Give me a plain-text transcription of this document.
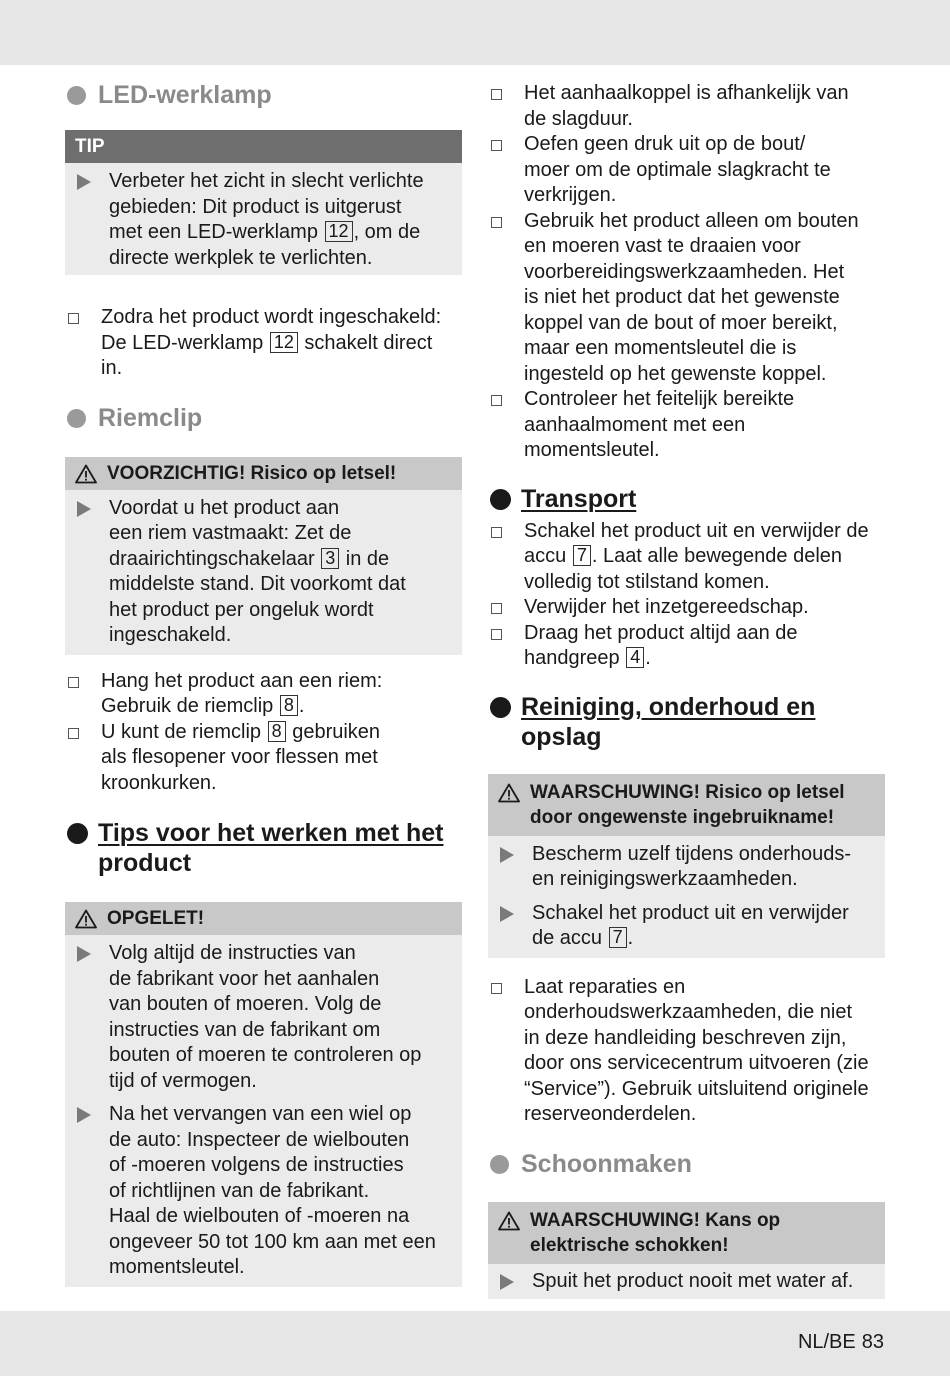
LED-werklamp
TIP
Verbeter het zicht in slecht verlichte
gebieden: Dit product is uitgerust
met een LED-werklamp 12 , om de
directe werkplek te verlichten.
Zodra het product wordt ingeschakeld:
De LED-werklamp 12 schakelt direct
in.
Riemclip
VOORZICHTIG! Risico op letsel!
Voordat u het product aan
een riem vastmaakt: Zet de
draairichtingschakelaar 3 in de
middelste stand. Dit voorkomt dat
het product per ongeluk wordt
ingeschakeld.
Hang het product aan een riem:
Gebruik de riemclip 8 .
U kunt de riemclip 8 gebruiken
als flesopener voor flessen met
kroonkurken.
Tips voor het werken met het
product
OPGELET!
Volg altijd de instructies van
de fabrikant voor het aanhalen
van bouten of moeren. Volg de
instructies van de fabrikant om
bouten of moeren te controleren op
tijd of vermogen.
Na het vervangen van een wiel op
de auto: Inspecteer de wielbouten
of -moeren volgens de instructies
of richtlijnen van de fabrikant.
Haal de wielbouten of -moeren na
ongeveer 50 tot 100 km aan met een
momentsleutel.
Het aanhaalkoppel is afhankelijk van
de slagduur.
Oefen geen druk uit op de bout/
moer om de optimale slagkracht te
verkrijgen.
Gebruik het product alleen om bouten
en moeren vast te draaien voor
voorbereidingswerkzaamheden. Het
is niet het product dat het gewenste
koppel van de bout of moer bereikt,
maar een momentsleutel die is
ingesteld op het gewenste koppel.
Controleer het feitelijk bereikte
aanhaalmoment met een
momentsleutel.
Transport
Schakel het product uit en verwijder de
accu 7 . Laat alle bewegende delen
volledig tot stilstand komen.
Verwijder het inzetgereedschap.
Draag het product altijd aan de
handgreep 4 .
Reiniging, onderhoud en
opslag
WAARSCHUWING! Risico op letsel
door ongewenste ingebruikname!
Bescherm uzelf tijdens onderhouds-
en reinigingswerkzaamheden.
Schakel het product uit en verwijder
de accu 7 .
Laat reparaties en
onderhoudswerkzaamheden, die niet
in deze handleiding beschreven zijn,
door ons servicecentrum uitvoeren (zie
“Service”). Gebruik uitsluitend originele
reserveonderdelen.
Schoonmaken
WAARSCHUWING! Kans op
elektrische schokken!
Spuit het product nooit met water af.
NL/BE 83
